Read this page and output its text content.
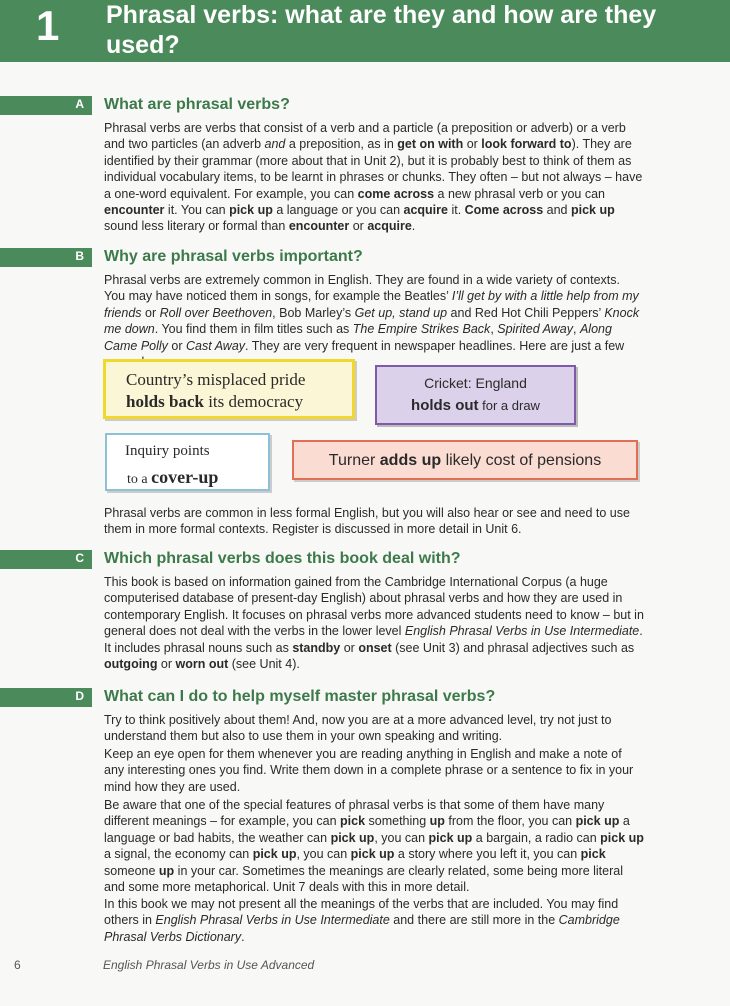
1 Phrasal verbs: what are they and how are they used?
A What are phrasal verbs?
Phrasal verbs are verbs that consist of a verb and a particle (a preposition or adverb) or a verb and two particles (an adverb and a preposition, as in get on with or look forward to). They are identified by their grammar (more about that in Unit 2), but it is probably best to think of them as individual vocabulary items, to be learnt in phrases or chunks. They often – but not always – have a one-word equivalent. For example, you can come across a new phrasal verb or you can encounter it. You can pick up a language or you can acquire it. Come across and pick up sound less literary or formal than encounter or acquire.
B Why are phrasal verbs important?
Phrasal verbs are extremely common in English. They are found in a wide variety of contexts. You may have noticed them in songs, for example the Beatles’ I’ll get by with a little help from my friends or Roll over Beethoven, Bob Marley’s Get up, stand up and Red Hot Chili Peppers’ Knock me down. You find them in film titles such as The Empire Strikes Back, Spirited Away, Along Came Polly or Cast Away. They are very frequent in newspaper headlines. Here are just a few
Country’s misplaced pride
holds back its democracy
Cricket: England
holds out for a draw
Inquiry points
to a cover-up
Turner adds up likely cost of pensions
Phrasal verbs are common in less formal English, but you will also hear or see and need to use them in more formal contexts. Register is discussed in more detail in Unit 6.
C Which phrasal verbs does this book deal with?
This book is based on information gained from the Cambridge International Corpus (a huge computerised database of present-day English) about phrasal verbs and how they are used in contemporary English. It focuses on phrasal verbs more advanced students need to know – but in general does not deal with the verbs in the lower level English Phrasal Verbs in Use Intermediate. It includes phrasal nouns such as standby or onset (see Unit 3) and phrasal adjectives such as outgoing or worn out (see Unit 4).
D What can I do to help myself master phrasal verbs?
Try to think positively about them! And, now you are at a more advanced level, try not just to understand them but also to use them in your own speaking and writing.
Keep an eye open for them whenever you are reading anything in English and make a note of any interesting ones you find. Write them down in a complete phrase or a sentence to fix in your mind how they are used.
Be aware that one of the special features of phrasal verbs is that some of them have many different meanings – for example, you can pick something up from the floor, you can pick up a language or bad habits, the weather can pick up, you can pick up a bargain, a radio can pick up a signal, the economy can pick up, you can pick up a story where you left it, you can pick someone up in your car. Sometimes the meanings are clearly related, some being more literal and some more metaphorical. Unit 7 deals with this in more detail.
In this book we may not present all the meanings of the verbs that are included. You may find others in English Phrasal Verbs in Use Intermediate and there are still more in the Cambridge Phrasal Verbs Dictionary.
6	English Phrasal Verbs in Use Advanced
